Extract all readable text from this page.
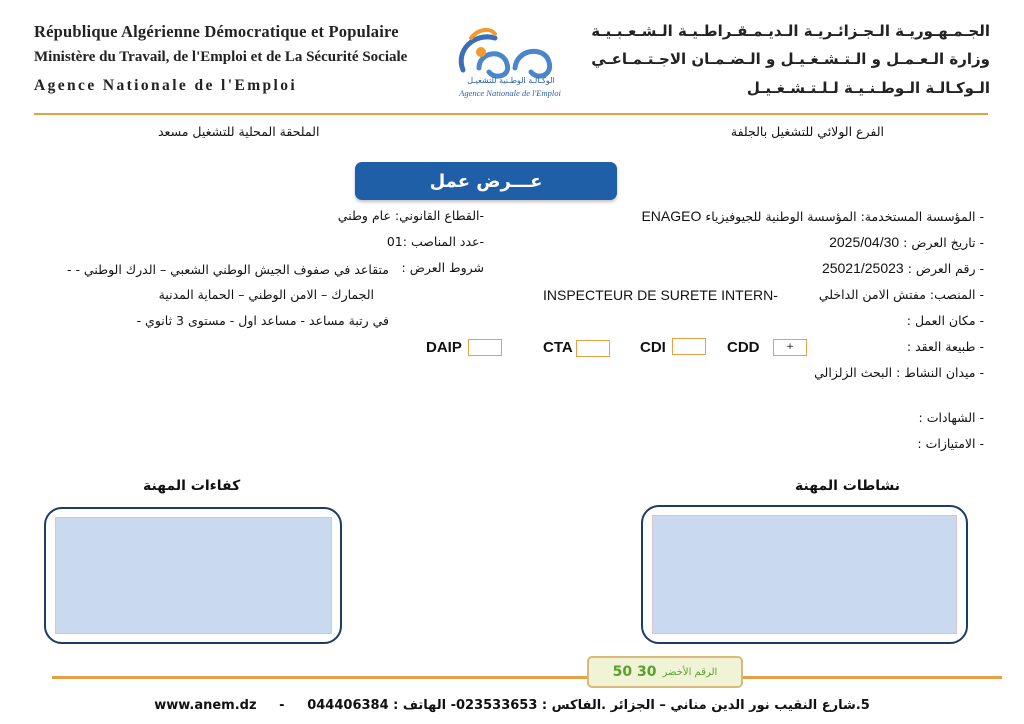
République Algérienne Démocratique et Populaire
Ministère du Travail, de l'Emploi et de La Sécurité Sociale
Agence Nationale de l'Emploi
الجـمـهـوريـة الـجـزائـريـة الـديـمـقـراطـيـة الـشـعـبـيـة
وزارة الـعـمـل و الـتـشـغـيـل و الـضـمـان الاجـتـمـاعـي
الـوكـالـة الـوطـنـيـة لـلـتـشـغـيـل
الوكـالـة الوطـنية للتشغيـل
Agence Nationale de l'Emploi
الملحقة المحلية للتشغيل مسعد	الفرع الولائي للتشغيل بالجلفة
عـــرض عمل
- المؤسسة المستخدمة: المؤسسة الوطنية للجيوفيزياء ENAGEO
- تاريخ العرض : 2025/04/30
- رقم العرض : 25021/25023
- المنصب: مفتش الامن الداخلي
INSPECTEUR DE SURETE INTERN-
- مكان العمل :
- طبيعة العقد :
- ميدان النشاط : البحث الزلزالي
- الشهادات :
- الامتيازات :
CDD	+
CDI
CTA
DAIP
-القطاع القانوني: عام وطني
-عدد المناصب :01
شروط العرض :
متقاعد في صفوف الجيش الوطني الشعبي – الدرك الوطني - -
الجمارك – الامن الوطني – الحماية المدنية
في رتبة مساعد - مساعد اول - مستوى 3 ثانوي -
نشاطات المهنة
كفاءات المهنة
الرقم الأخضر
30 50
www.anem.dz - 5.شارع النقيب نور الدين مناني – الجزائر .الفاكس : 023533653- الهاتف : 044406384
